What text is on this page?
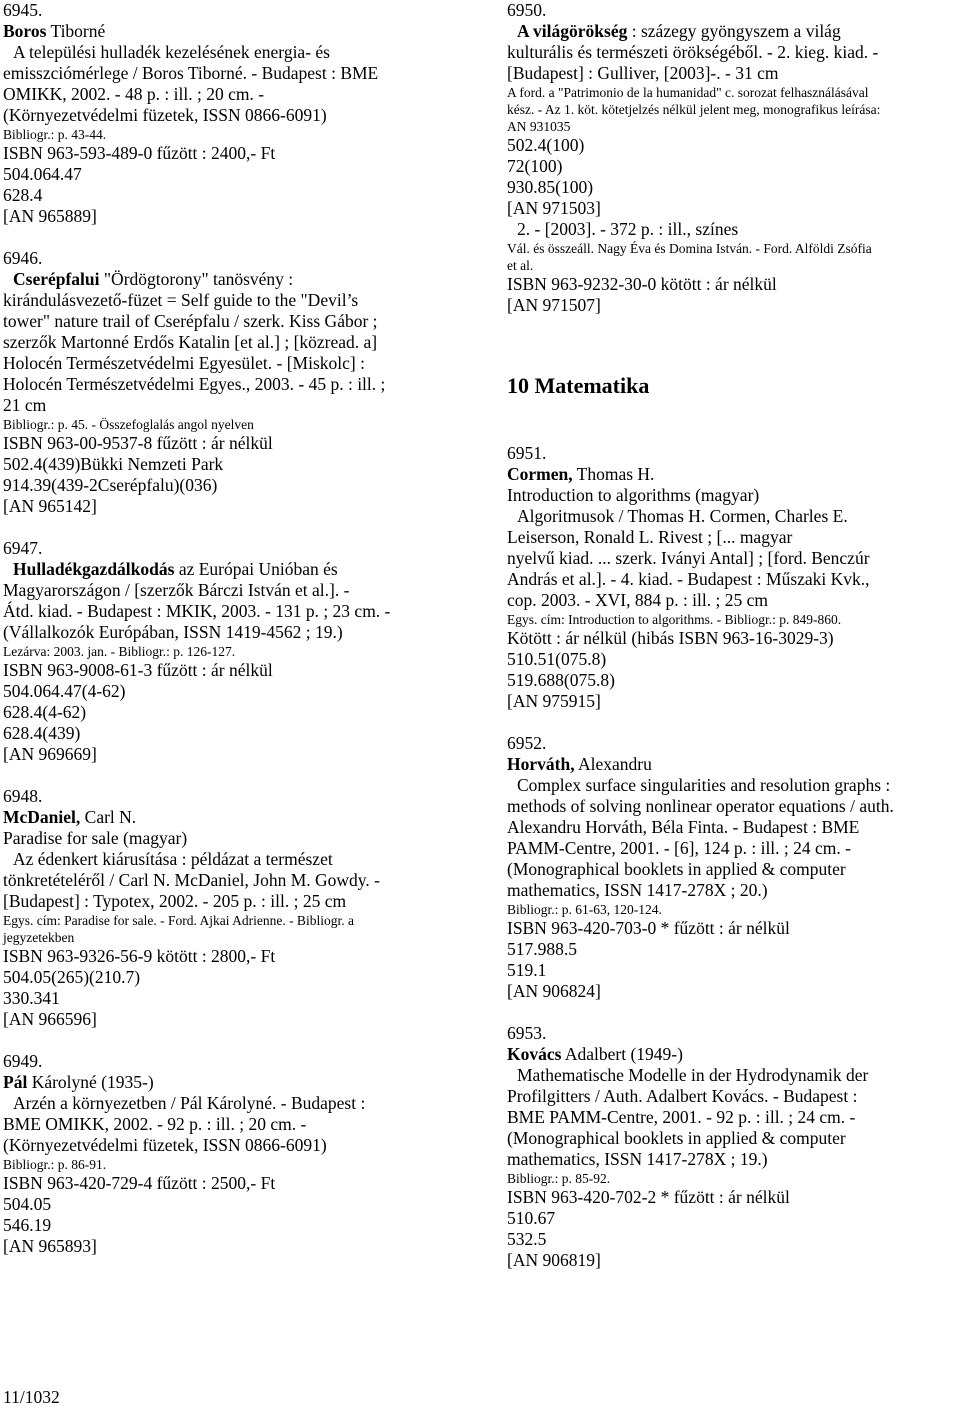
6945.
Boros Tiborné
A települési hulladék kezelésének energia- és
emisszciómérlege / Boros Tiborné. - Budapest : BME
OMIKK, 2002. - 48 p. : ill. ; 20 cm. -
(Környezetvédelmi füzetek, ISSN 0866-6091)
Bibliogr.: p. 43-44.
ISBN 963-593-489-0 fűzött : 2400,- Ft
504.064.47
628.4
[AN 965889]
6946.
Cserépfalui "Ördögtorony" tanösvény :
kirándulásvezető-füzet = Self guide to the "Devil’s
tower" nature trail of Cserépfalu / szerk. Kiss Gábor ;
szerzők Martonné Erdős Katalin [et al.] ; [közread. a]
Holocén Természetvédelmi Egyesület. - [Miskolc] :
Holocén Természetvédelmi Egyes., 2003. - 45 p. : ill. ;
21 cm
Bibliogr.: p. 45. - Összefoglalás angol nyelven
ISBN 963-00-9537-8 fűzött : ár nélkül
502.4(439)Bükki Nemzeti Park
914.39(439-2Cserépfalu)(036)
[AN 965142]
6947.
Hulladékgazdálkodás az Európai Unióban és
Magyarországon / [szerzők Bárczi István et al.]. -
Átd. kiad. - Budapest : MKIK, 2003. - 131 p. ; 23 cm. -
(Vállalkozók Európában, ISSN 1419-4562 ; 19.)
Lezárva: 2003. jan. - Bibliogr.: p. 126-127.
ISBN 963-9008-61-3 fűzött : ár nélkül
504.064.47(4-62)
628.4(4-62)
628.4(439)
[AN 969669]
6948.
McDaniel, Carl N.
Paradise for sale (magyar)
Az édenkert kiárusítása : példázat a természet
tönkretételéről / Carl N. McDaniel, John M. Gowdy. -
[Budapest] : Typotex, 2002. - 205 p. : ill. ; 25 cm
Egys. cím: Paradise for sale. - Ford. Ajkai Adrienne. - Bibliogr. a
jegyzetekben
ISBN 963-9326-56-9 kötött : 2800,- Ft
504.05(265)(210.7)
330.341
[AN 966596]
6949.
Pál Károlyné (1935-)
Arzén a környezetben / Pál Károlyné. - Budapest :
BME OMIKK, 2002. - 92 p. : ill. ; 20 cm. -
(Környezetvédelmi füzetek, ISSN 0866-6091)
Bibliogr.: p. 86-91.
ISBN 963-420-729-4 fűzött : 2500,- Ft
504.05
546.19
[AN 965893]
6950.
A világörökség : százegy gyöngyszem a világ
kulturális és természeti örökségéből. - 2. kieg. kiad. -
[Budapest] : Gulliver, [2003]-. - 31 cm
A ford. a "Patrimonio de la humanidad" c. sorozat felhasználásával
kész. - Az 1. köt. kötetjelzés nélkül jelent meg, monografikus leírása:
AN 931035
502.4(100)
72(100)
930.85(100)
[AN 971503]
2. - [2003]. - 372 p. : ill., színes
Vál. és összeáll. Nagy Éva és Domina István. - Ford. Alföldi Zsófia
et al.
ISBN 963-9232-30-0 kötött : ár nélkül
[AN 971507]
10 Matematika
6951.
Cormen, Thomas H.
Introduction to algorithms (magyar)
Algoritmusok / Thomas H. Cormen, Charles E.
Leiserson, Ronald L. Rivest ; [... magyar
nyelvű kiad. ... szerk. Iványi Antal] ; [ford. Benczúr
András et al.]. - 4. kiad. - Budapest : Műszaki Kvk.,
cop. 2003. - XVI, 884 p. : ill. ; 25 cm
Egys. cím: Introduction to algorithms. - Bibliogr.: p. 849-860.
Kötött : ár nélkül (hibás ISBN 963-16-3029-3)
510.51(075.8)
519.688(075.8)
[AN 975915]
6952.
Horváth, Alexandru
Complex surface singularities and resolution graphs :
methods of solving nonlinear operator equations / auth.
Alexandru Horváth, Béla Finta. - Budapest : BME
PAMM-Centre, 2001. - [6], 124 p. : ill. ; 24 cm. -
(Monographical booklets in applied & computer
mathematics, ISSN 1417-278X ; 20.)
Bibliogr.: p. 61-63, 120-124.
ISBN 963-420-703-0 * fűzött : ár nélkül
517.988.5
519.1
[AN 906824]
6953.
Kovács Adalbert (1949-)
Mathematische Modelle in der Hydrodynamik der
Profilgitters / Auth. Adalbert Kovács. - Budapest :
BME PAMM-Centre, 2001. - 92 p. : ill. ; 24 cm. -
(Monographical booklets in applied & computer
mathematics, ISSN 1417-278X ; 19.)
Bibliogr.: p. 85-92.
ISBN 963-420-702-2 * fűzött : ár nélkül
510.67
532.5
[AN 906819]
11/1032
